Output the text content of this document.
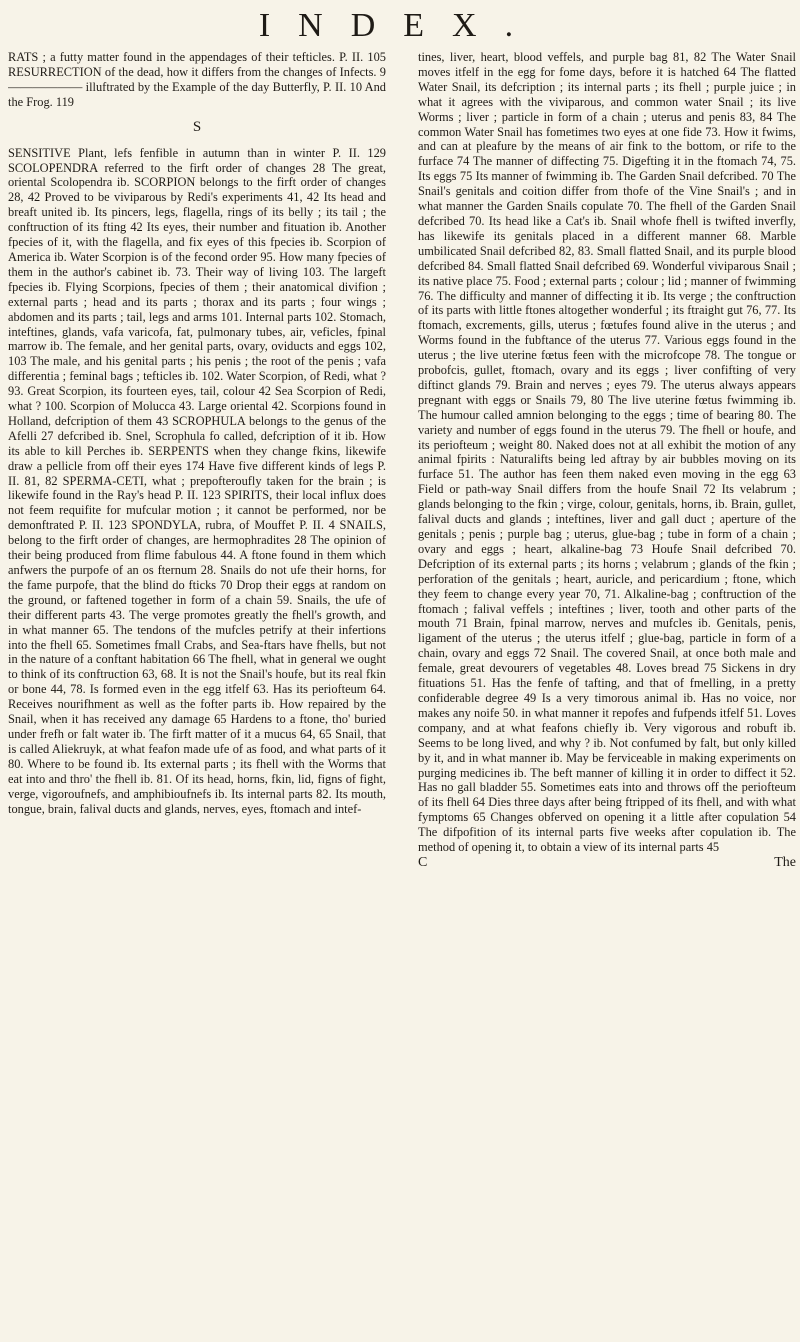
INDEX.

RATS ; a futty matter found in the appendages of their tefticles. P. II. 105 RESURRECTION of the dead, how it differs from the changes of Infects. 9 —————— illuftrated by the Example of the day Butterfly, P. II. 10 And the Frog. 119

S

SENSITIVE Plant, lefs fenfible in autumn than in winter P. II. 129 SCOLOPENDRA referred to the firft order of changes 28 The great, oriental Scolopendra ib. SCORPION belongs to the firft order of changes 28, 42 Proved to be viviparous by Redi's experiments 41, 42 Its head and breaft united ib. Its pincers, legs, flagella, rings of its belly ; its tail ; the conftruction of its fting 42 Its eyes, their number and fituation ib. Another fpecies of it, with the flagella, and fix eyes of this fpecies ib. Scorpion of America ib. Water Scorpion is of the fecond order 95. How many fpecies of them in the author's cabinet ib. 73. Their way of living 103. The largeft fpecies ib. Flying Scorpions, fpecies of them ; their anatomical divifion ; external parts ; head and its parts ; thorax and its parts ; four wings ; abdomen and its parts ; tail, legs and arms 101. Internal parts 102. Stomach, inteftines, glands, vafa varicofa, fat, pulmonary tubes, air, veficles, fpinal marrow ib. The female, and her genital parts, ovary, oviducts and eggs 102, 103 The male, and his genital parts ; his penis ; the root of the penis ; vafa differentia ; feminal bags ; tefticles ib. 102. Water Scorpion, of Redi, what ? 93. Great Scorpion, its fourteen eyes, tail, colour 42 Sea Scorpion of Redi, what ? 100. Scorpion of Molucca 43. Large oriental 42. Scorpions found in Holland, defcription of them 43 SCROPHULA belongs to the genus of the Afelli 27 defcribed ib. Snel, Scrophula fo called, defcription of it ib. How its able to kill Perches ib. SERPENTS when they change fkins, likewife draw a pellicle from off their eyes 174 Have five different kinds of legs P. II. 81, 82 SPERMA-CETI, what ; prepofteroufly taken for the brain ; is likewife found in the Ray's head P. II. 123 SPIRITS, their local influx does not feem requifite for mufcular motion ; it cannot be performed, nor be demonftrated P. II. 123 SPONDYLA, rubra, of Mouffet P. II. 4 SNAILS, belong to the firft order of changes, are hermophradites 28 The opinion of their being produced from flime fabulous 44. A ftone found in them which anfwers the purpofe of an os fternum 28. Snails do not ufe their horns, for the fame purpofe, that the blind do fticks 70 Drop their eggs at random on the ground, or faftened together in form of a chain 59. Snails, the ufe of their different parts 43. The verge promotes greatly the fhell's growth, and in what manner 65. The tendons of the mufcles petrify at their infertions into the fhell 65. Sometimes fmall Crabs, and Sea-ftars have fhells, but not in the nature of a conftant habitation 66 The fhell, what in general we ought to think of its conftruction 63, 68. It is not the Snail's houfe, but its real fkin or bone 44, 78. Is formed even in the egg itfelf 63. Has its periofteum 64. Receives nourifhment as well as the fofter parts ib. How repaired by the Snail, when it has received any damage 65 Hardens to a ftone, tho' buried under frefh or falt water ib. The firft matter of it a mucus 64, 65 Snail, that is called Aliekruyk, at what feafon made ufe of as food, and what parts of it 80. Where to be found ib. Its external parts ; its fhell with the Worms that eat into and thro' the fhell ib. 81. Of its head, horns, fkin, lid, figns of fight, verge, vigoroufnefs, and amphibioufnefs ib. Its internal parts 82. Its mouth, tongue, brain, falival ducts and glands, nerves, eyes, ftomach and intef-

tines, liver, heart, blood veffels, and purple bag 81, 82 The Water Snail moves itfelf in the egg for fome days, before it is hatched 64 The flatted Water Snail, its defcription ; its internal parts ; its fhell ; purple juice ; in what it agrees with the viviparous, and common water Snail ; its live Worms ; liver ; particle in form of a chain ; uterus and penis 83, 84 The common Water Snail has fometimes two eyes at one fide 73. How it fwims, and can at pleafure by the means of air fink to the bottom, or rife to the furface 74 The manner of diffecting 75. Digefting it in the ftomach 74, 75. Its eggs 75 Its manner of fwimming ib. The Garden Snail defcribed. 70 The Snail's genitals and coition differ from thofe of the Vine Snail's ; and in what manner the Garden Snails copulate 70. The fhell of the Garden Snail defcribed 70. Its head like a Cat's ib. Snail whofe fhell is twifted inverfly, has likewife its genitals placed in a different manner 68. Marble umbilicated Snail defcribed 82, 83. Small flatted Snail, and its purple blood defcribed 84. Small flatted Snail defcribed 69. Wonderful viviparous Snail ; its native place 75. Food ; external parts ; colour ; lid ; manner of fwimming 76. The difficulty and manner of diffecting it ib. Its verge ; the conftruction of its parts with little ftones altogether wonderful ; its ftraight gut 76, 77. Its ftomach, excrements, gills, uterus ; fœtufes found alive in the uterus ; and Worms found in the fubftance of the uterus 77. Various eggs found in the uterus ; the live uterine fœtus feen with the microfcope 78. The tongue or probofcis, gullet, ftomach, ovary and its eggs ; liver confifting of very diftinct glands 79. Brain and nerves ; eyes 79. The uterus always appears pregnant with eggs or Snails 79, 80 The live uterine fœtus fwimming ib. The humour called amnion belonging to the eggs ; time of bearing 80. The variety and number of eggs found in the uterus 79. The fhell or houfe, and its periofteum ; weight 80. Naked does not at all exhibit the motion of any animal fpirits : Naturalifts being led aftray by air bubbles moving on its furface 51. The author has feen them naked even moving in the egg 63 Field or path-way Snail differs from the houfe Snail 72 Its velabrum ; glands belonging to the fkin ; virge, colour, genitals, horns, ib. Brain, gullet, falival ducts and glands ; inteftines, liver and gall duct ; aperture of the genitals ; penis ; purple bag ; uterus, glue-bag ; tube in form of a chain ; ovary and eggs ; heart, alkaline-bag 73 Houfe Snail defcribed 70. Defcription of its external parts ; its horns ; velabrum ; glands of the fkin ; perforation of the genitals ; heart, auricle, and pericardium ; ftone, which they feem to change every year 70, 71. Alkaline-bag ; conftruction of the ftomach ; falival veffels ; inteftines ; liver, tooth and other parts of the mouth 71 Brain, fpinal marrow, nerves and mufcles ib. Genitals, penis, ligament of the uterus ; the uterus itfelf ; glue-bag, particle in form of a chain, ovary and eggs 72 Snail. The covered Snail, at once both male and female, great devourers of vegetables 48. Loves bread 75 Sickens in dry fituations 51. Has the fenfe of tafting, and that of fmelling, in a pretty confiderable degree 49 Is a very timorous animal ib. Has no voice, nor makes any noife 50. in what manner it repofes and fufpends itfelf 51. Loves company, and at what feafons chiefly ib. Very vigorous and robuft ib. Seems to be long lived, and why ? ib. Not confumed by falt, but only killed by it, and in what manner ib. May be ferviceable in making experiments on purging medicines ib. The beft manner of killing it in order to diffect it 52. Has no gall bladder 55. Sometimes eats into and throws off the periofteum of its fhell 64 Dies three days after being ftripped of its fhell, and with what fymptoms 65 Changes obferved on opening it a little after copulation 54 The difpofition of its internal parts five weeks after copulation ib. The method of opening it, to obtain a view of its internal parts 45

C	The
